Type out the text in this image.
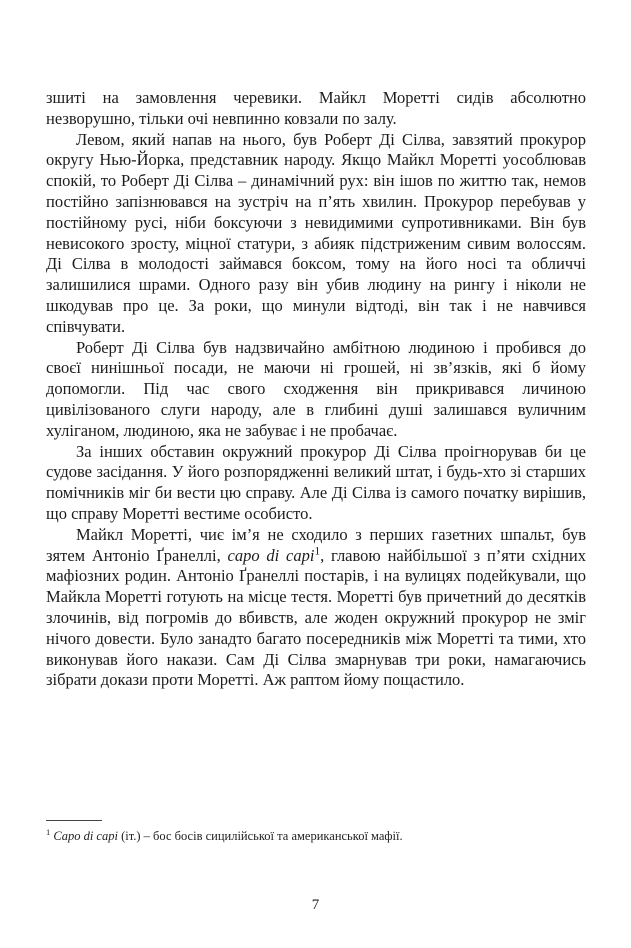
зшиті на замовлення черевики. Майкл Моретті сидів абсолютно незворушно, тільки очі невпинно ковзали по залу.

Левом, який напав на нього, був Роберт Ді Сілва, завзятий прокурор округу Нью-Йорка, представник народу. Якщо Майкл Моретті уособлював спокій, то Роберт Ді Сілва – динамічний рух: він ішов по життю так, немов постійно запізнювався на зустріч на п’ять хвилин. Прокурор перебував у постійному русі, ніби боксуючи з невидимими супротивниками. Він був невисокого зросту, міцної статури, з абияк підстриженим сивим волоссям. Ді Сілва в молодості займався боксом, тому на його носі та обличчі залишилися шрами. Одного разу він убив людину на рингу і ніколи не шкодував про це. За роки, що минули відтоді, він так і не навчився співчувати.

Роберт Ді Сілва був надзвичайно амбітною людиною і пробився до своєї нинішньої посади, не маючи ні грошей, ні зв’язків, які б йому допомогли. Під час свого сходження він прикривався личиною цивілізованого слуги народу, але в глибині душі залишався вуличним хуліганом, людиною, яка не забуває і не пробачає.

За інших обставин окружний прокурор Ді Сілва проігнорував би це судове засідання. У його розпорядженні великий штат, і будь-хто зі старших помічників міг би вести цю справу. Але Ді Сілва із самого початку вирішив, що справу Моретті вестиме особисто.

Майкл Моретті, чиє ім’я не сходило з перших газетних шпальт, був зятем Антоніо Ґранеллі, capo di capi$^1$, главою найбільшої з п’яти східних мафіозних родин. Антоніо Ґранеллі постарів, і на вулицях подейкували, що Майкла Моретті готують на місце тестя. Моретті був причетний до десятків злочинів, від погромів до вбивств, але жоден окружний прокурор не зміг нічого довести. Було занадто багато посередників між Моретті та тими, хто виконував його накази. Сам Ді Сілва змарнував три роки, намагаючись зібрати докази проти Моретті. Аж раптом йому пощастило.

$^1$ Capo di capi (іт.) – бос босів сицилійської та американської мафії.

7
